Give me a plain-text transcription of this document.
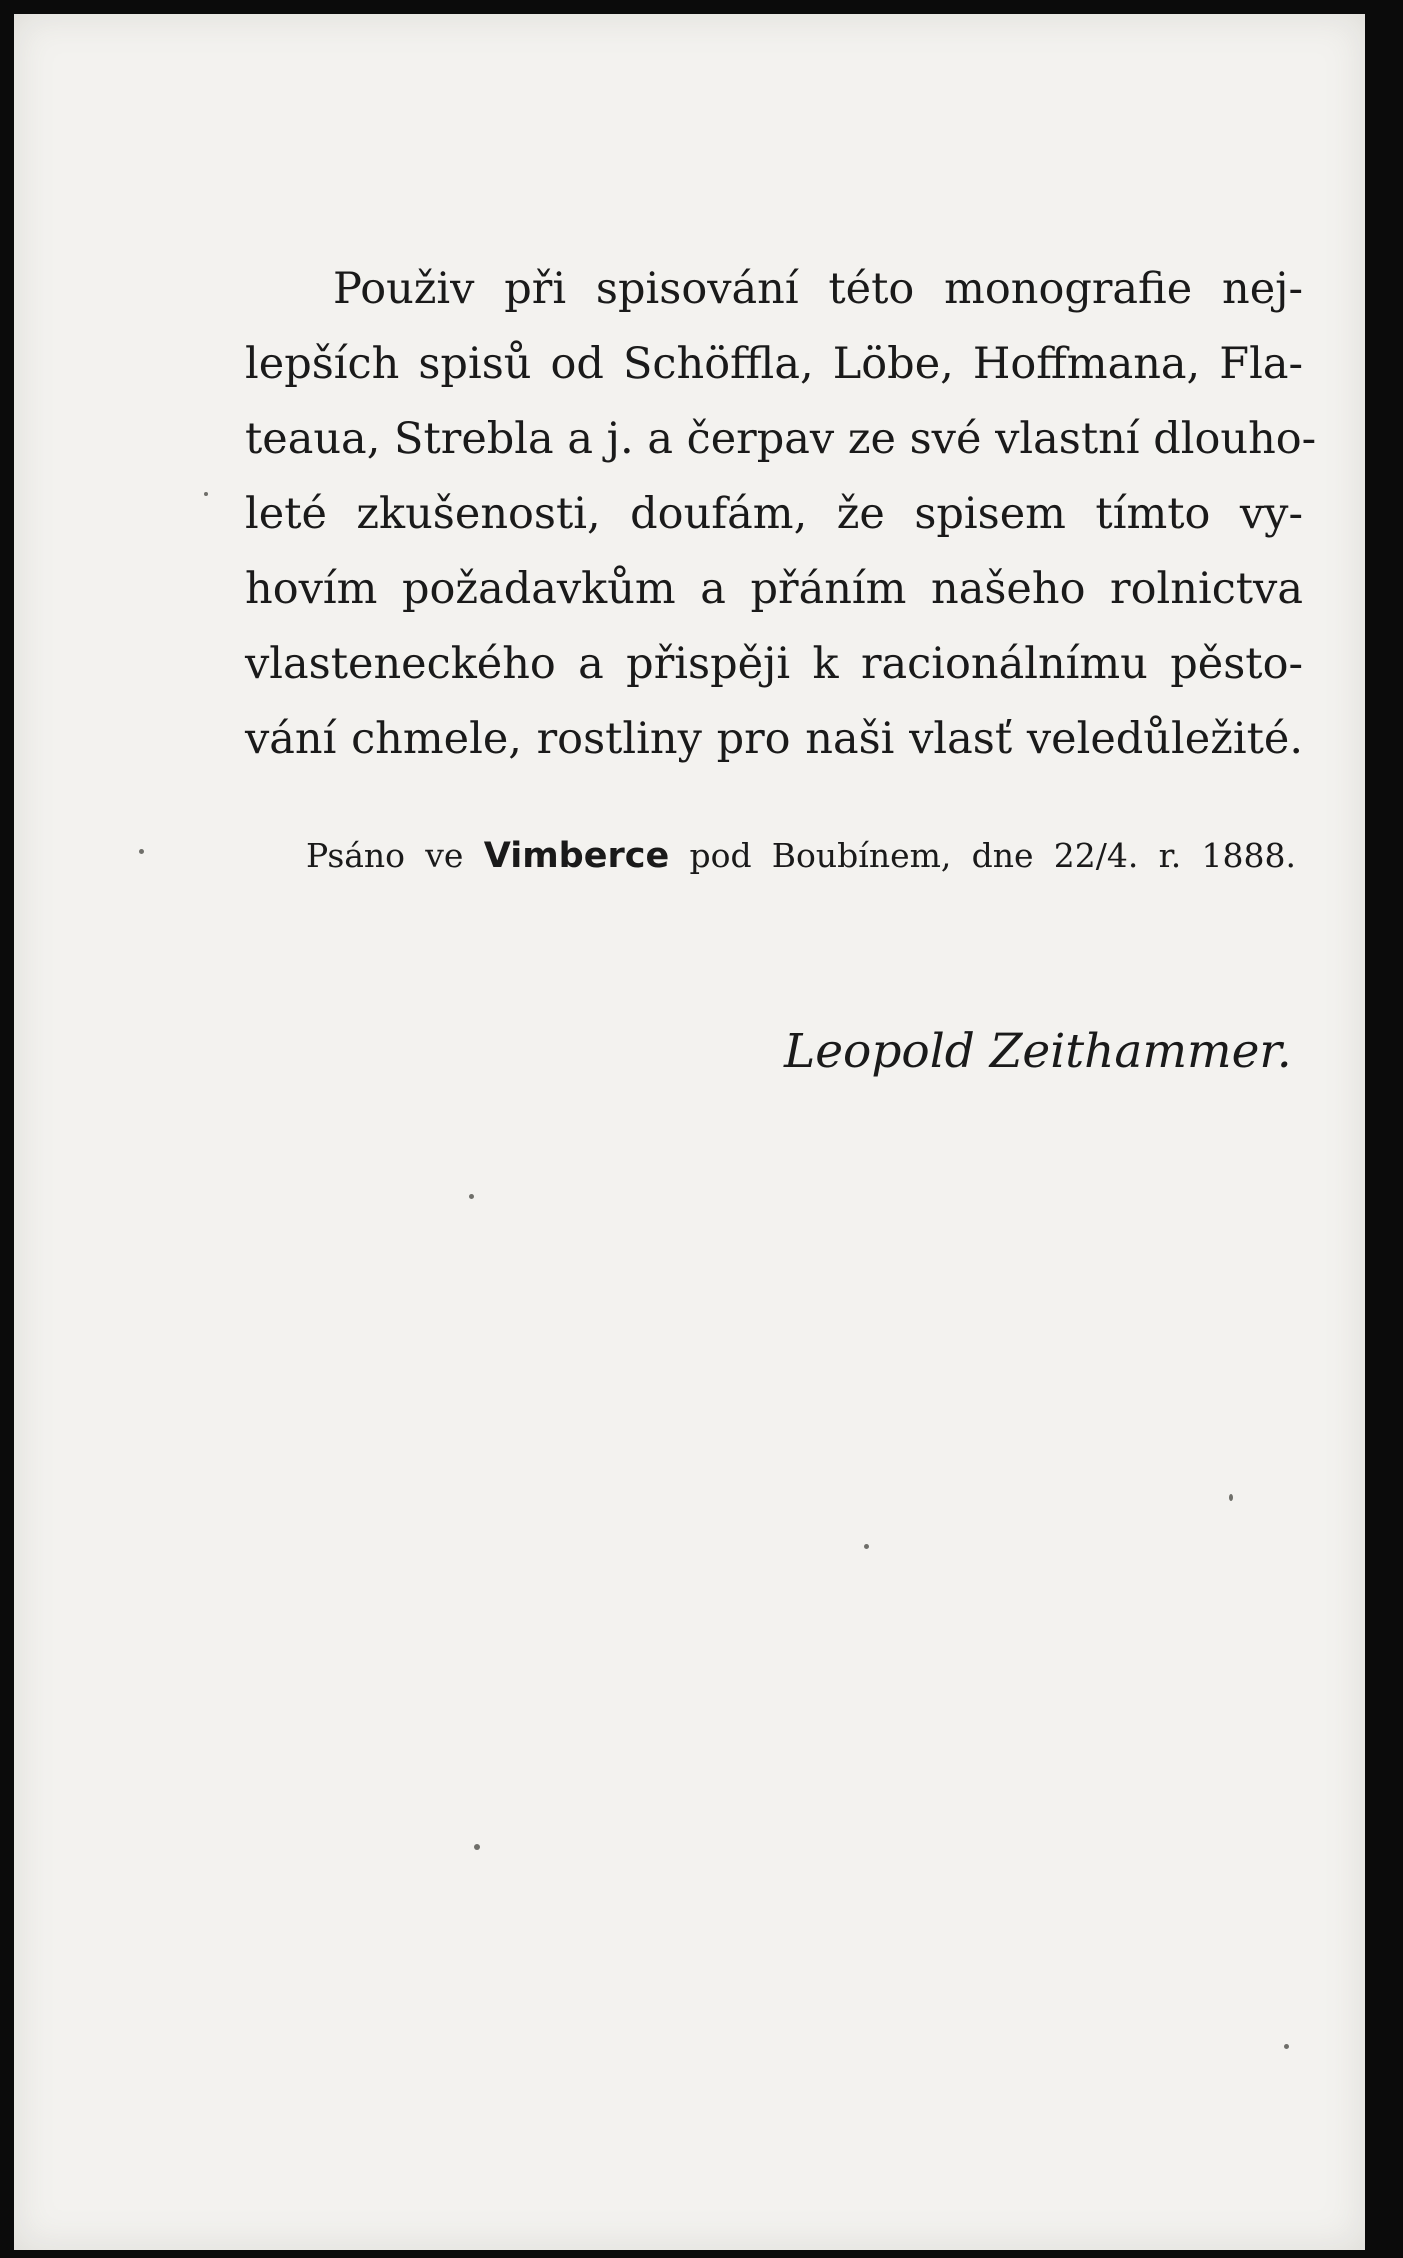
Použiv při spisování této monografie nej-
lepších spisů od Schöffla, Löbe, Hoffmana, Fla-
teaua, Strebla a j. a čerpav ze své vlastní dlouho-
leté zkušenosti, doufám, že spisem tímto vy-
hovím požadavkům a přáním našeho rolnictva
vlasteneckého a přispěji k racionálnímu pěsto-
vání chmele, rostliny pro naši vlasť veledůležité.
Psáno ve Vimberce pod Boubínem, dne 22/4. r. 1888.
Leopold Zeithammer.
